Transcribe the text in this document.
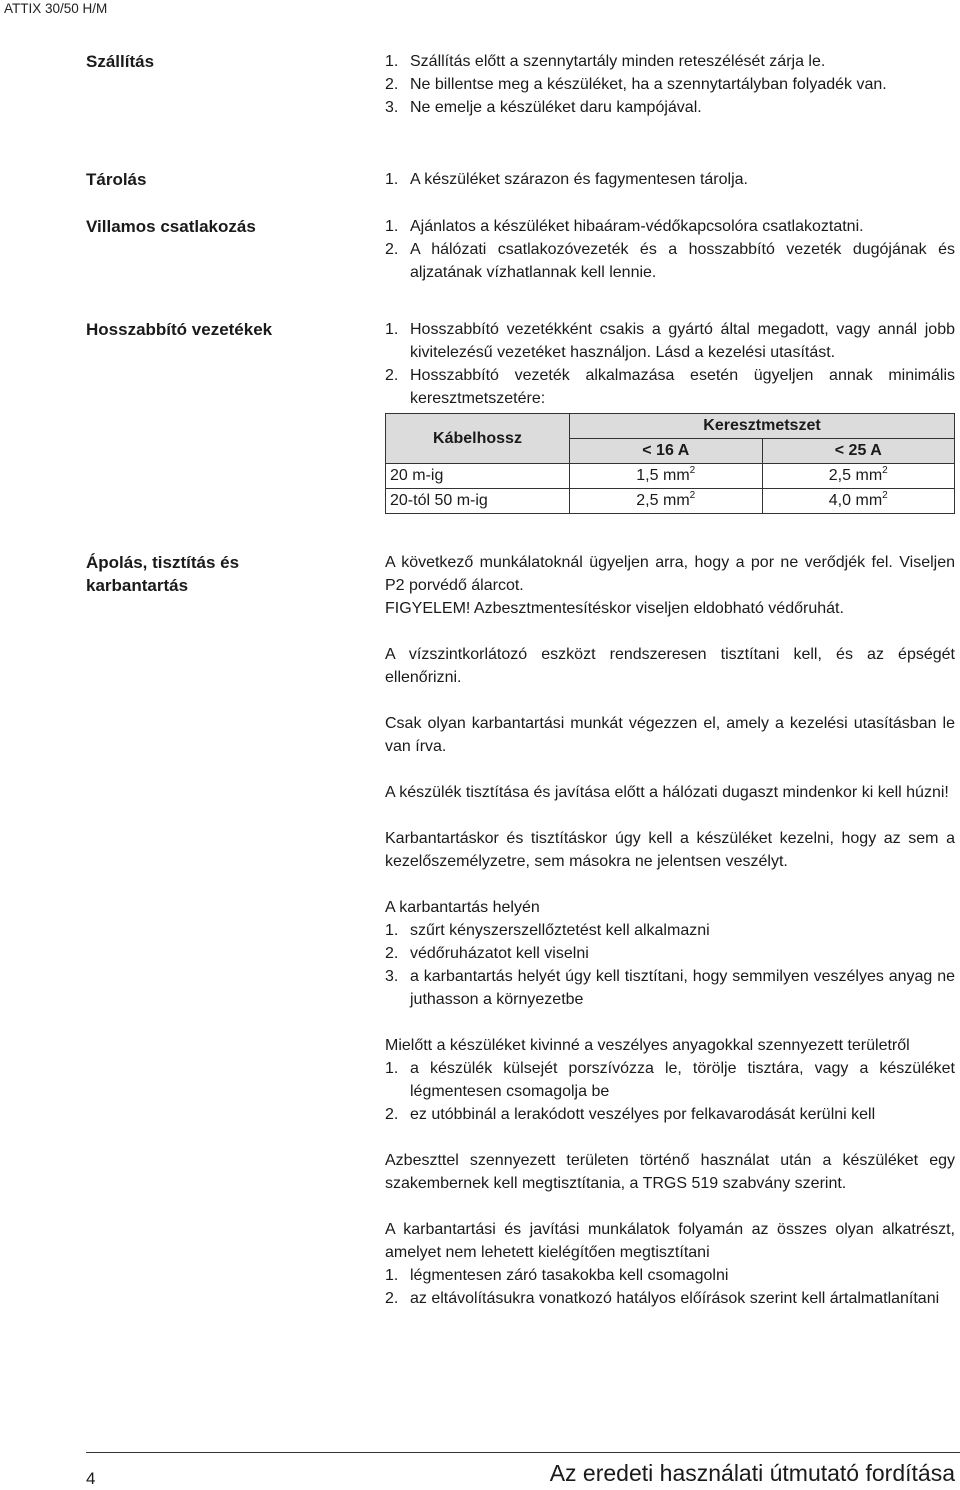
ATTIX 30/50 H/M
Szállítás	1. Szállítás előtt a szennytartály minden reteszélését zárja le.
2. Ne billentse meg a készüléket, ha a szennytartályban folyadék van.
3. Ne emelje a készüléket daru kampójával.
Tárolás	1. A készüléket szárazon és fagymentesen tárolja.
Villamos csatlakozás	1. Ajánlatos a készüléket hibaáram-védőkapcsolóra csatlakoztatni.
2. A hálózati csatlakozóvezeték és a hosszabbító vezeték dugójának és aljzatának vízhatlannak kell lennie.
Hosszabbító vezetékek	1. Hosszabbító vezetékként csakis a gyártó által megadott, vagy annál jobb kivitelezésű vezetéket használjon. Lásd a kezelési utasítást.
2. Hosszabbító vezeték alkalmazása esetén ügyeljen annak minimális keresztmetszetére:
Kábelhossz	Keresztmetszet	
	< 16 A	< 25 A
20 m-ig	1,5 $mm^2$	2,5 $mm^2$
20-tól 50 m-ig	2,5 $mm^2$	4,0 $mm^2$
Ápolás, tisztítás és
karbantartás
A következő munkálatoknál ügyeljen arra, hogy a por ne verődjék fel. Viseljen P2 porvédő álarcot.
FIGYELEM! Azbesztmentesítéskor viseljen eldobható védőruhát.
A vízszintkorlátozó eszközt rendszeresen tisztítani kell, és az épségét ellenőrizni.
Csak olyan karbantartási munkát végezzen el, amely a kezelési utasításban le van írva.
A készülék tisztítása és javítása előtt a hálózati dugaszt mindenkor ki kell húzni!
Karbantartáskor és tisztításkor úgy kell a készüléket kezelni, hogy az sem a kezelőszemélyzetre, sem másokra ne jelentsen veszélyt.
A karbantartás helyén
1. szűrt kényszerszellőztetést kell alkalmazni
2. védőruházatot kell viselni
3. a karbantartás helyét úgy kell tisztítani, hogy semmilyen veszélyes anyag ne juthasson a környezetbe
Mielőtt a készüléket kivinné a veszélyes anyagokkal szennyezett területről
1. a készülék külsejét porszívózza le, törölje tisztára, vagy a készüléket légmentesen csomagolja be
2. ez utóbbinál a lerakódott veszélyes por felkavarodását kerülni kell
Azbeszttel szennyezett területen történő használat után a készüléket egy szakembernek kell megtisztítania, a TRGS 519 szabvány szerint.
A karbantartási és javítási munkálatok folyamán az összes olyan alkatrészt, amelyet nem lehetett kielégítően megtisztítani
1. légmentesen záró tasakokba kell csomagolni
2. az eltávolításukra vonatkozó hatályos előírások szerint kell ártalmatlanítani
4	Az eredeti használati útmutató fordítása
